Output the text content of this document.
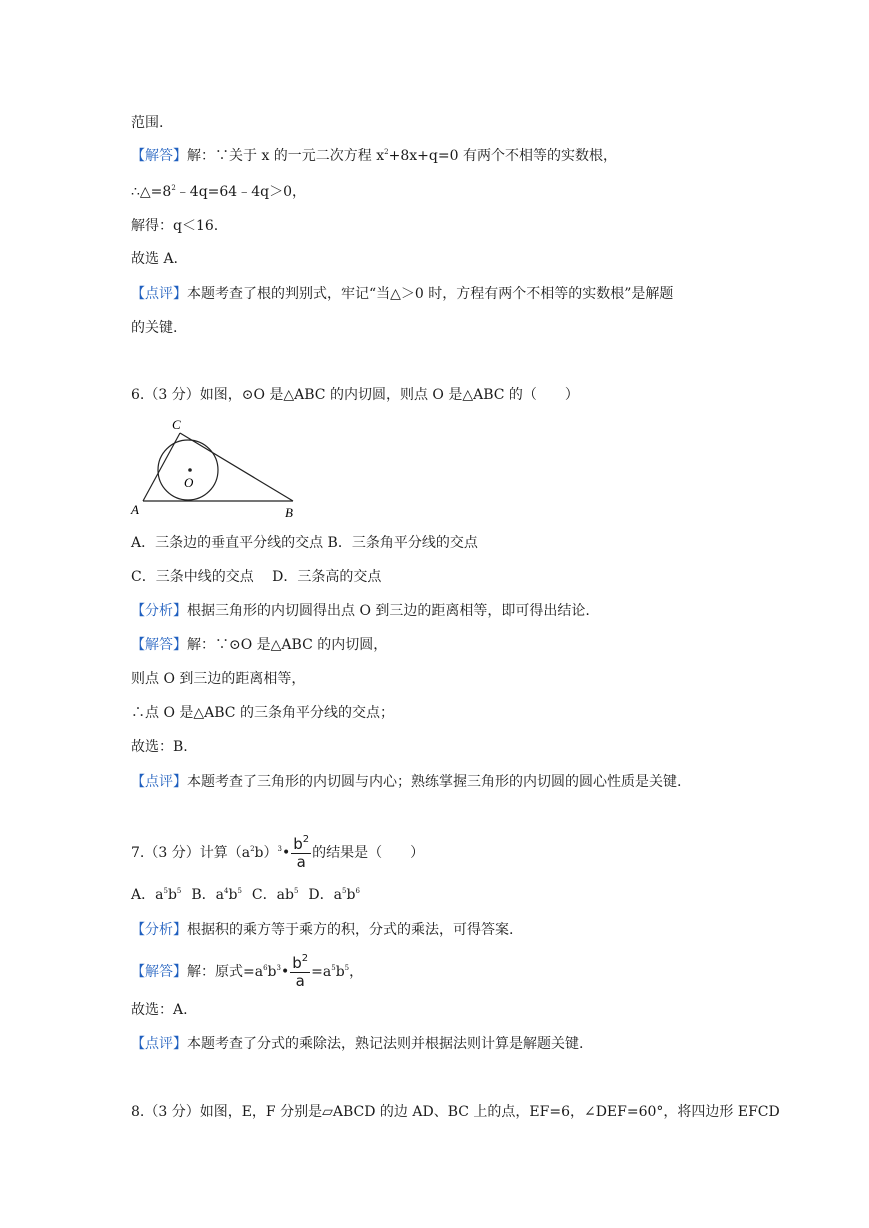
范围.
【解答】解：∵关于 x 的一元二次方程 $x^2+8x+q=0$ 有两个不相等的实数根，
$\therefore\triangle=8^2﹣4q=64﹣4q>0$，
解得：q＜16.
故选 A.
【点评】本题考查了根的判别式，牢记“当△＞0 时，方程有两个不相等的实数根”是解题
的关键.
6.（3 分）如图，⊙O 是△ABC 的内切圆，则点 O 是△ABC 的（　　）
C
O
A	B
A．三条边的垂直平分线的交点 B．三条角平分线的交点
C．三条中线的交点　 D．三条高的交点
【分析】根据三角形的内切圆得出点 O 到三边的距离相等，即可得出结论.
【解答】解：∵⊙O 是△ABC 的内切圆，
则点 O 到三边的距离相等，
∴点 O 是△ABC 的三条角平分线的交点；
故选：B.
【点评】本题考查了三角形的内切圆与内心；熟练掌握三角形的内切圆的圆心性质是关键.
7.（3 分）计算$(a^2b)^3• \frac{b^2}{a}$ 的结果是（　　）
A．$a^5b^5$ B．$a^4b^5$ C．$ab^5$ D．$a^5b^6$
【分析】根据积的乘方等于乘方的积，分式的乘法，可得答案.
【解答】解：原式$=a^6b^3• \frac{b^2}{a} =a^5b^5$，
故选：A.
【点评】本题考查了分式的乘除法，熟记法则并根据法则计算是解题关键.
8.（3 分）如图，E，F 分别是▱ABCD 的边 AD、BC 上的点，EF=6，∠DEF=60°，将四边形 EFCD
